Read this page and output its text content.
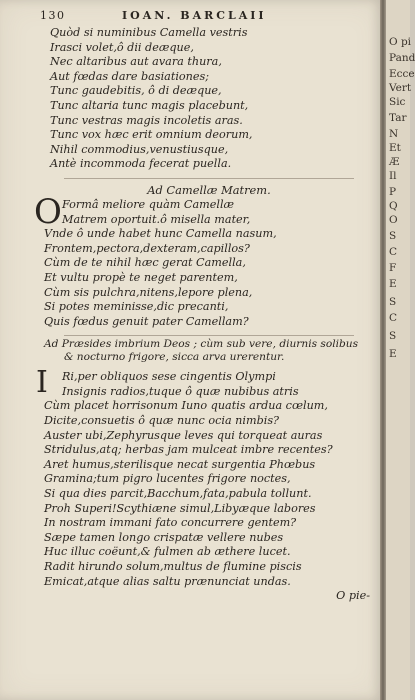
130	IOAN. BARCLAII
Quòd si numinibus Camella vestris
Irasci volet,ô dii deæque,
Nec altaribus aut avara thura,
Aut fœdas dare basiationes;
Tunc gaudebitis, ô di deæque,
Tunc altaria tunc magis placebunt,
Tunc vestras magis incoletis aras.
Tunc vox hæc erit omnium deorum,
Nihil commodius,venustiusque,
Antè incommoda fecerat puella.
Ad Camellæ Matrem.
O Formâ meliore quàm Camellæ
Matrem oportuit.ô misella mater,
Vnde ô unde habet hunc Camella nasum,
Frontem,pectora,dexteram,capillos?
Cùm de te nihil hæc gerat Camella,
Et vultu propè te neget parentem,
Cùm sis pulchra,nitens,lepore plena,
Si potes meminisse,dic precanti,
Quis fœdus genuit pater Camellam?
Ad Præsides imbrium Deos ; cùm sub vere, diurnis solibus
& nocturno frigore, sicca arva urerentur.
I	Ri,per obliquos sese cingentis Olympi
Insignis radios,tuque ô quæ nubibus atris
Cùm placet horrisonum Iuno quatis ardua cœlum,
Dicite,consuetis ô quæ nunc ocia nimbis?
Auster ubi,Zephyrusque leves qui torqueat auras
Stridulus,atq; herbas jam mulceat imbre recentes?
Aret humus,sterilisque necat surgentia Phœbus
Gramina;tum pigro lucentes frigore noctes,
Si qua dies parcit,Bacchum,fata,pabula tollunt.
Proh Superi!Scythiæne simul,Libyæque labores
In nostram immani fato concurrere gentem?
Sæpe tamen longo crispatæ vellere nubes
Huc illuc coëunt,& fulmen ab æthere lucet.
Radit hirundo solum,multus de flumine piscis
Emicat,atque alias saltu prænunciat undas.
O pie-
O pi
Pand
Ecce
Vert
Sic
Tar
N
Et
Æ
Il
P
Q
O
S
C
F
E
S
C
S
E
